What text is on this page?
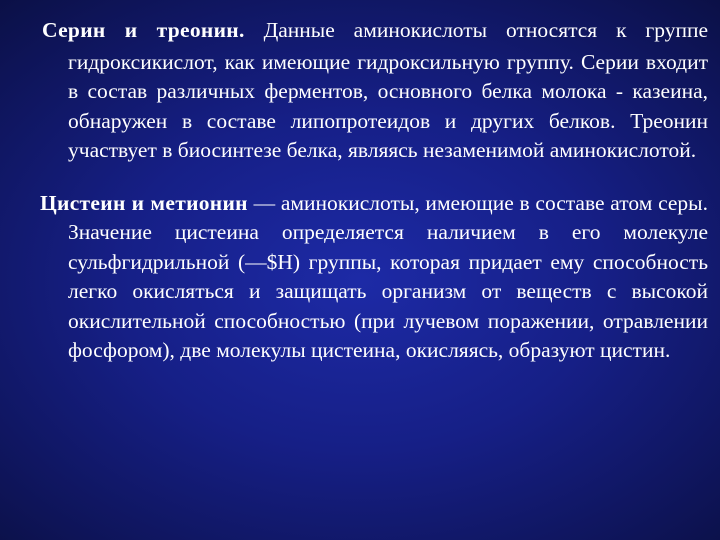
Серин и треонин. Данные аминокислоты относятся к группе гидроксикислот, как имеющие гидроксильную группу. Серии входит в состав различных ферментов, основного белка молока - казеина, обнаружен в составе липопротеидов и других белков. Треонин участвует в биосинтезе белка, являясь незаменимой аминокислотой.

Цистеин и метионин — аминокислоты, имеющие в составе атом серы. Значение цистеина определяется наличием в его молекуле сульфгидрильной (—$Н) группы, которая придает ему способность легко окисляться и защищать организм от веществ с высокой окислительной способностью (при лучевом поражении, отравлении фосфором), две молекулы цистеина, окисляясь, образуют цистин.
